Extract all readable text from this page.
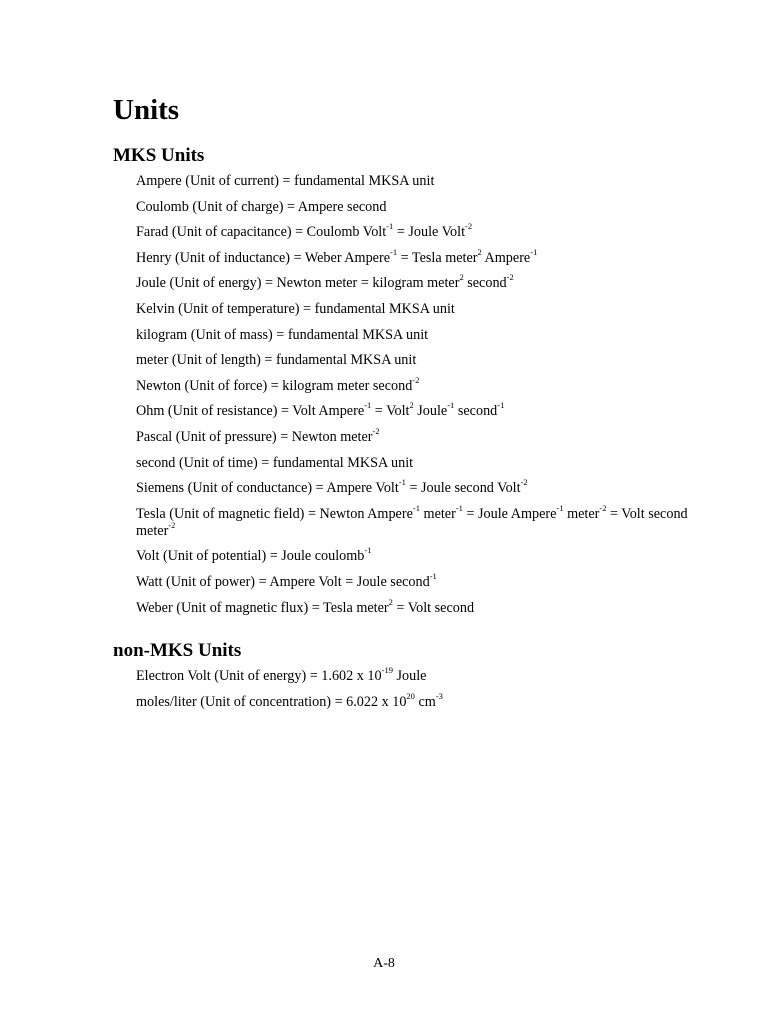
Units
MKS Units
Ampere (Unit of current) = fundamental MKSA unit
Coulomb (Unit of charge) = Ampere second
Farad (Unit of capacitance) = Coulomb Volt$^{-1}$ = Joule Volt$^{-2}$
Henry (Unit of inductance) = Weber Ampere$^{-1}$ = Tesla meter$^2$ Ampere$^{-1}$
Joule (Unit of energy) = Newton meter = kilogram meter$^2$ second$^{-2}$
Kelvin (Unit of temperature) = fundamental MKSA unit
kilogram (Unit of mass) = fundamental MKSA unit
meter (Unit of length) = fundamental MKSA unit
Newton (Unit of force) = kilogram meter second$^{-2}$
Ohm (Unit of resistance) = Volt Ampere$^{-1}$ = Volt$^2$ Joule$^{-1}$ second$^{-1}$
Pascal (Unit of pressure) = Newton meter$^{-2}$
second (Unit of time) = fundamental MKSA unit
Siemens (Unit of conductance) = Ampere Volt$^{-1}$ = Joule second Volt$^{-2}$
Tesla (Unit of magnetic field) = Newton Ampere$^{-1}$ meter$^{-1}$ = Joule Ampere$^{-1}$ meter$^{-2}$ = Volt second meter$^{-2}$
Volt (Unit of potential) = Joule coulomb$^{-1}$
Watt (Unit of power) = Ampere Volt = Joule second$^{-1}$
Weber (Unit of magnetic flux) = Tesla meter$^2$ = Volt second
non-MKS Units
Electron Volt (Unit of energy) = 1.602 x $10^{-19}$ Joule
moles/liter (Unit of concentration) = 6.022 x $10^{20}$ $cm^{-3}$
A-8
